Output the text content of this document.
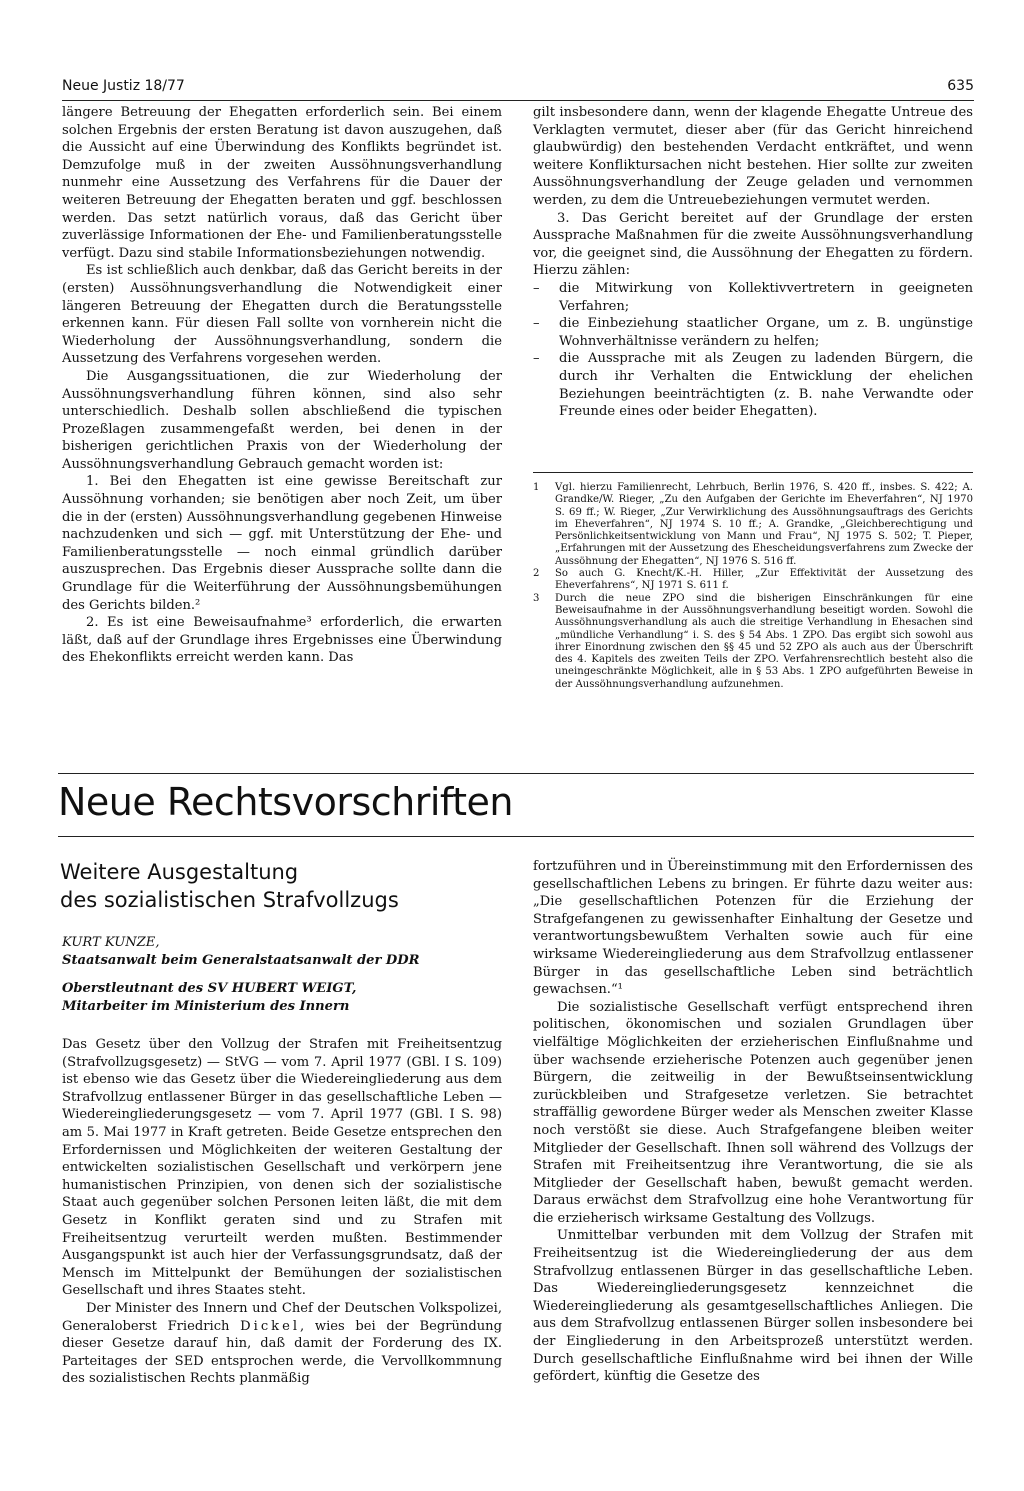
Neue Justiz 18/77	635

längere Betreuung der Ehegatten erforderlich sein. Bei einem solchen Ergebnis der ersten Beratung ist davon auszugehen, daß die Aussicht auf eine Überwindung des Konflikts begründet ist. Demzufolge muß in der zweiten Aussöhnungsverhandlung nunmehr eine Aussetzung des Verfahrens für die Dauer der weiteren Betreuung der Ehegatten beraten und ggf. beschlossen werden. Das setzt natürlich voraus, daß das Gericht über zuverlässige Informationen der Ehe- und Familienberatungsstelle verfügt. Dazu sind stabile Informationsbeziehungen notwendig.

Es ist schließlich auch denkbar, daß das Gericht bereits in der (ersten) Aussöhnungsverhandlung die Notwendigkeit einer längeren Betreuung der Ehegatten durch die Beratungsstelle erkennen kann. Für diesen Fall sollte von vornherein nicht die Wiederholung der Aussöhnungsverhandlung, sondern die Aussetzung des Verfahrens vorgesehen werden.

Die Ausgangssituationen, die zur Wiederholung der Aussöhnungsverhandlung führen können, sind also sehr unterschiedlich. Deshalb sollen abschließend die typischen Prozeßlagen zusammengefaßt werden, bei denen in der bisherigen gerichtlichen Praxis von der Wiederholung der Aussöhnungsverhandlung Gebrauch gemacht worden ist:

1. Bei den Ehegatten ist eine gewisse Bereitschaft zur Aussöhnung vorhanden; sie benötigen aber noch Zeit, um über die in der (ersten) Aussöhnungsverhandlung gegebenen Hinweise nachzudenken und sich — ggf. mit Unterstützung der Ehe- und Familienberatungsstelle — noch einmal gründlich darüber auszusprechen. Das Ergebnis dieser Aussprache sollte dann die Grundlage für die Weiterführung der Aussöhnungsbemühungen des Gerichts bilden.²

2. Es ist eine Beweisaufnahme³ erforderlich, die erwarten läßt, daß auf der Grundlage ihres Ergebnisses eine Überwindung des Ehekonflikts erreicht werden kann. Das

gilt insbesondere dann, wenn der klagende Ehegatte Untreue des Verklagten vermutet, dieser aber (für das Gericht hinreichend glaubwürdig) den bestehenden Verdacht entkräftet, und wenn weitere Konfliktursachen nicht bestehen. Hier sollte zur zweiten Aussöhnungsverhandlung der Zeuge geladen und vernommen werden, zu dem die Untreuebeziehungen vermutet werden.

3. Das Gericht bereitet auf der Grundlage der ersten Aussprache Maßnahmen für die zweite Aussöhnungsverhandlung vor, die geeignet sind, die Aussöhnung der Ehegatten zu fördern. Hierzu zählen:

– die Mitwirkung von Kollektivvertretern in geeigneten Verfahren;
– die Einbeziehung staatlicher Organe, um z. B. ungünstige Wohnverhältnisse verändern zu helfen;
– die Aussprache mit als Zeugen zu ladenden Bürgern, die durch ihr Verhalten die Entwicklung der ehelichen Beziehungen beeinträchtigten (z. B. nahe Verwandte oder Freunde eines oder beider Ehegatten).
1	Vgl. hierzu Familienrecht, Lehrbuch, Berlin 1976, S. 420 ff., insbes. S. 422; A. Grandke/W. Rieger, „Zu den Aufgaben der Gerichte im Eheverfahren“, NJ 1970 S. 69 ff.; W. Rieger, „Zur Verwirklichung des Aussöhnungsauftrags des Gerichts im Eheverfahren“, NJ 1974 S. 10 ff.; A. Grandke, „Gleichberechtigung und Persönlichkeitsentwicklung von Mann und Frau“, NJ 1975 S. 502; T. Pieper, „Erfahrungen mit der Aussetzung des Ehescheidungsverfahrens zum Zwecke der Aussöhnung der Ehegatten“, NJ 1976 S. 516 ff.
2	So auch G. Knecht/K.-H. Hiller, „Zur Effektivität der Aussetzung des Eheverfahrens“, NJ 1971 S. 611 f.
3	Durch die neue ZPO sind die bisherigen Einschränkungen für eine Beweisaufnahme in der Aussöhnungsverhandlung beseitigt worden. Sowohl die Aussöhnungsverhandlung als auch die streitige Verhandlung in Ehesachen sind „mündliche Verhandlung“ i. S. des § 54 Abs. 1 ZPO. Das ergibt sich sowohl aus ihrer Einordnung zwischen den §§ 45 und 52 ZPO als auch aus der Überschrift des 4. Kapitels des zweiten Teils der ZPO. Verfahrensrechtlich besteht also die uneingeschränkte Möglichkeit, alle in § 53 Abs. 1 ZPO aufgeführten Beweise in der Aussöhnungsverhandlung aufzunehmen.
Neue Rechtsvorschriften
Weitere Ausgestaltung
des sozialistischen Strafvollzugs
KURT KUNZE,
Staatsanwalt beim Generalstaatsanwalt der DDR
Oberstleutnant des SV HUBERT WEIGT,
Mitarbeiter im Ministerium des Innern

Das Gesetz über den Vollzug der Strafen mit Freiheitsentzug (Strafvollzugsgesetz) — StVG — vom 7. April 1977 (GBl. I S. 109) ist ebenso wie das Gesetz über die Wiedereingliederung aus dem Strafvollzug entlassener Bürger in das gesellschaftliche Leben — Wiedereingliederungsgesetz — vom 7. April 1977 (GBl. I S. 98) am 5. Mai 1977 in Kraft getreten. Beide Gesetze entsprechen den Erfordernissen und Möglichkeiten der weiteren Gestaltung der entwickelten sozialistischen Gesellschaft und verkörpern jene humanistischen Prinzipien, von denen sich der sozialistische Staat auch gegenüber solchen Personen leiten läßt, die mit dem Gesetz in Konflikt geraten sind und zu Strafen mit Freiheitsentzug verurteilt werden mußten. Bestimmender Ausgangspunkt ist auch hier der Verfassungsgrundsatz, daß der Mensch im Mittelpunkt der Bemühungen der sozialistischen Gesellschaft und ihres Staates steht.

Der Minister des Innern und Chef der Deutschen Volkspolizei, Generaloberst Friedrich Dickel, wies bei der Begründung dieser Gesetze darauf hin, daß damit der Forderung des IX. Parteitages der SED entsprochen werde, die Vervollkommnung des sozialistischen Rechts planmäßig

fortzuführen und in Übereinstimmung mit den Erfordernissen des gesellschaftlichen Lebens zu bringen. Er führte dazu weiter aus: „Die gesellschaftlichen Potenzen für die Erziehung der Strafgefangenen zu gewissenhafter Einhaltung der Gesetze und verantwortungsbewußtem Verhalten sowie auch für eine wirksame Wiedereingliederung aus dem Strafvollzug entlassener Bürger in das gesellschaftliche Leben sind beträchtlich gewachsen.“¹

Die sozialistische Gesellschaft verfügt entsprechend ihren politischen, ökonomischen und sozialen Grundlagen über vielfältige Möglichkeiten der erzieherischen Einflußnahme und über wachsende erzieherische Potenzen auch gegenüber jenen Bürgern, die zeitweilig in der Bewußtseinsentwicklung zurückbleiben und Strafgesetze verletzen. Sie betrachtet straffällig gewordene Bürger weder als Menschen zweiter Klasse noch verstößt sie diese. Auch Strafgefangene bleiben weiter Mitglieder der Gesellschaft. Ihnen soll während des Vollzugs der Strafen mit Freiheitsentzug ihre Verantwortung, die sie als Mitglieder der Gesellschaft haben, bewußt gemacht werden. Daraus erwächst dem Strafvollzug eine hohe Verantwortung für die erzieherisch wirksame Gestaltung des Vollzugs.

Unmittelbar verbunden mit dem Vollzug der Strafen mit Freiheitsentzug ist die Wiedereingliederung der aus dem Strafvollzug entlassenen Bürger in das gesellschaftliche Leben. Das Wiedereingliederungsgesetz kennzeichnet die Wiedereingliederung als gesamtgesellschaftliches Anliegen. Die aus dem Strafvollzug entlassenen Bürger sollen insbesondere bei der Eingliederung in den Arbeitsprozeß unterstützt werden. Durch gesellschaftliche Einflußnahme wird bei ihnen der Wille gefördert, künftig die Gesetze des
